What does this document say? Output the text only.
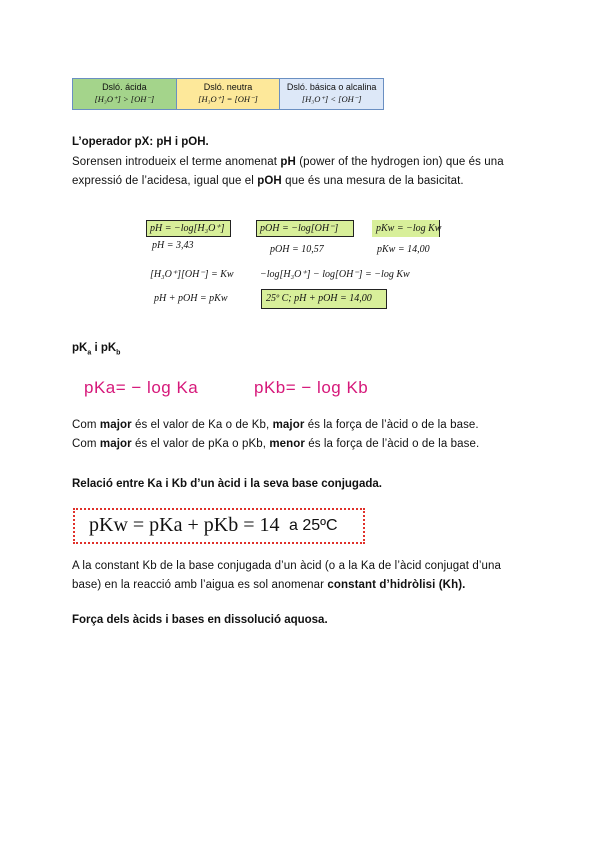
Dsló. ácida
[H₃O⁺] > [OH⁻]
Dsló. neutra
[H₃O⁺] = [OH⁻]
Dsló. básica o alcalina
[H₃O⁺] < [OH⁻]
L’operador pX: pH i pOH.
Sorensen introdueix el terme anomenat pH (power of the hydrogen ion) que és una
expressió de l’acidesa, igual que el pOH que és una mesura de la basicitat.
pH = −log[H₃O⁺]
pH = 3,43
pOH = −log[OH⁻]
pOH = 10,57
pKw = −log Kw
pKw = 14,00
[H₃O⁺][OH⁻] = Kw	−log[H₃O⁺] − log[OH⁻] = −log Kw
pH + pOH = pKw	25º C; pH + pOH = 14,00
$pK_a$ i $pK_b$
pKa= − log Ka	pKb= − log Kb
Com major és el valor de Ka o de Kb, major és la força de l’àcid o de la base.
Com major és el valor de pKa o pKb, menor és la força de l’àcid o de la base.
Relació entre Ka i Kb d’un àcid i la seva base conjugada.
pKw = pKa + pKb = 14 a 25ºC
A la constant Kb de la base conjugada d’un àcid (o a la Ka de l’àcid conjugat d’una
base) en la reacció amb l’aigua es sol anomenar constant d’hidròlisi (Kh).
Força dels àcids i bases en dissolució aquosa.
